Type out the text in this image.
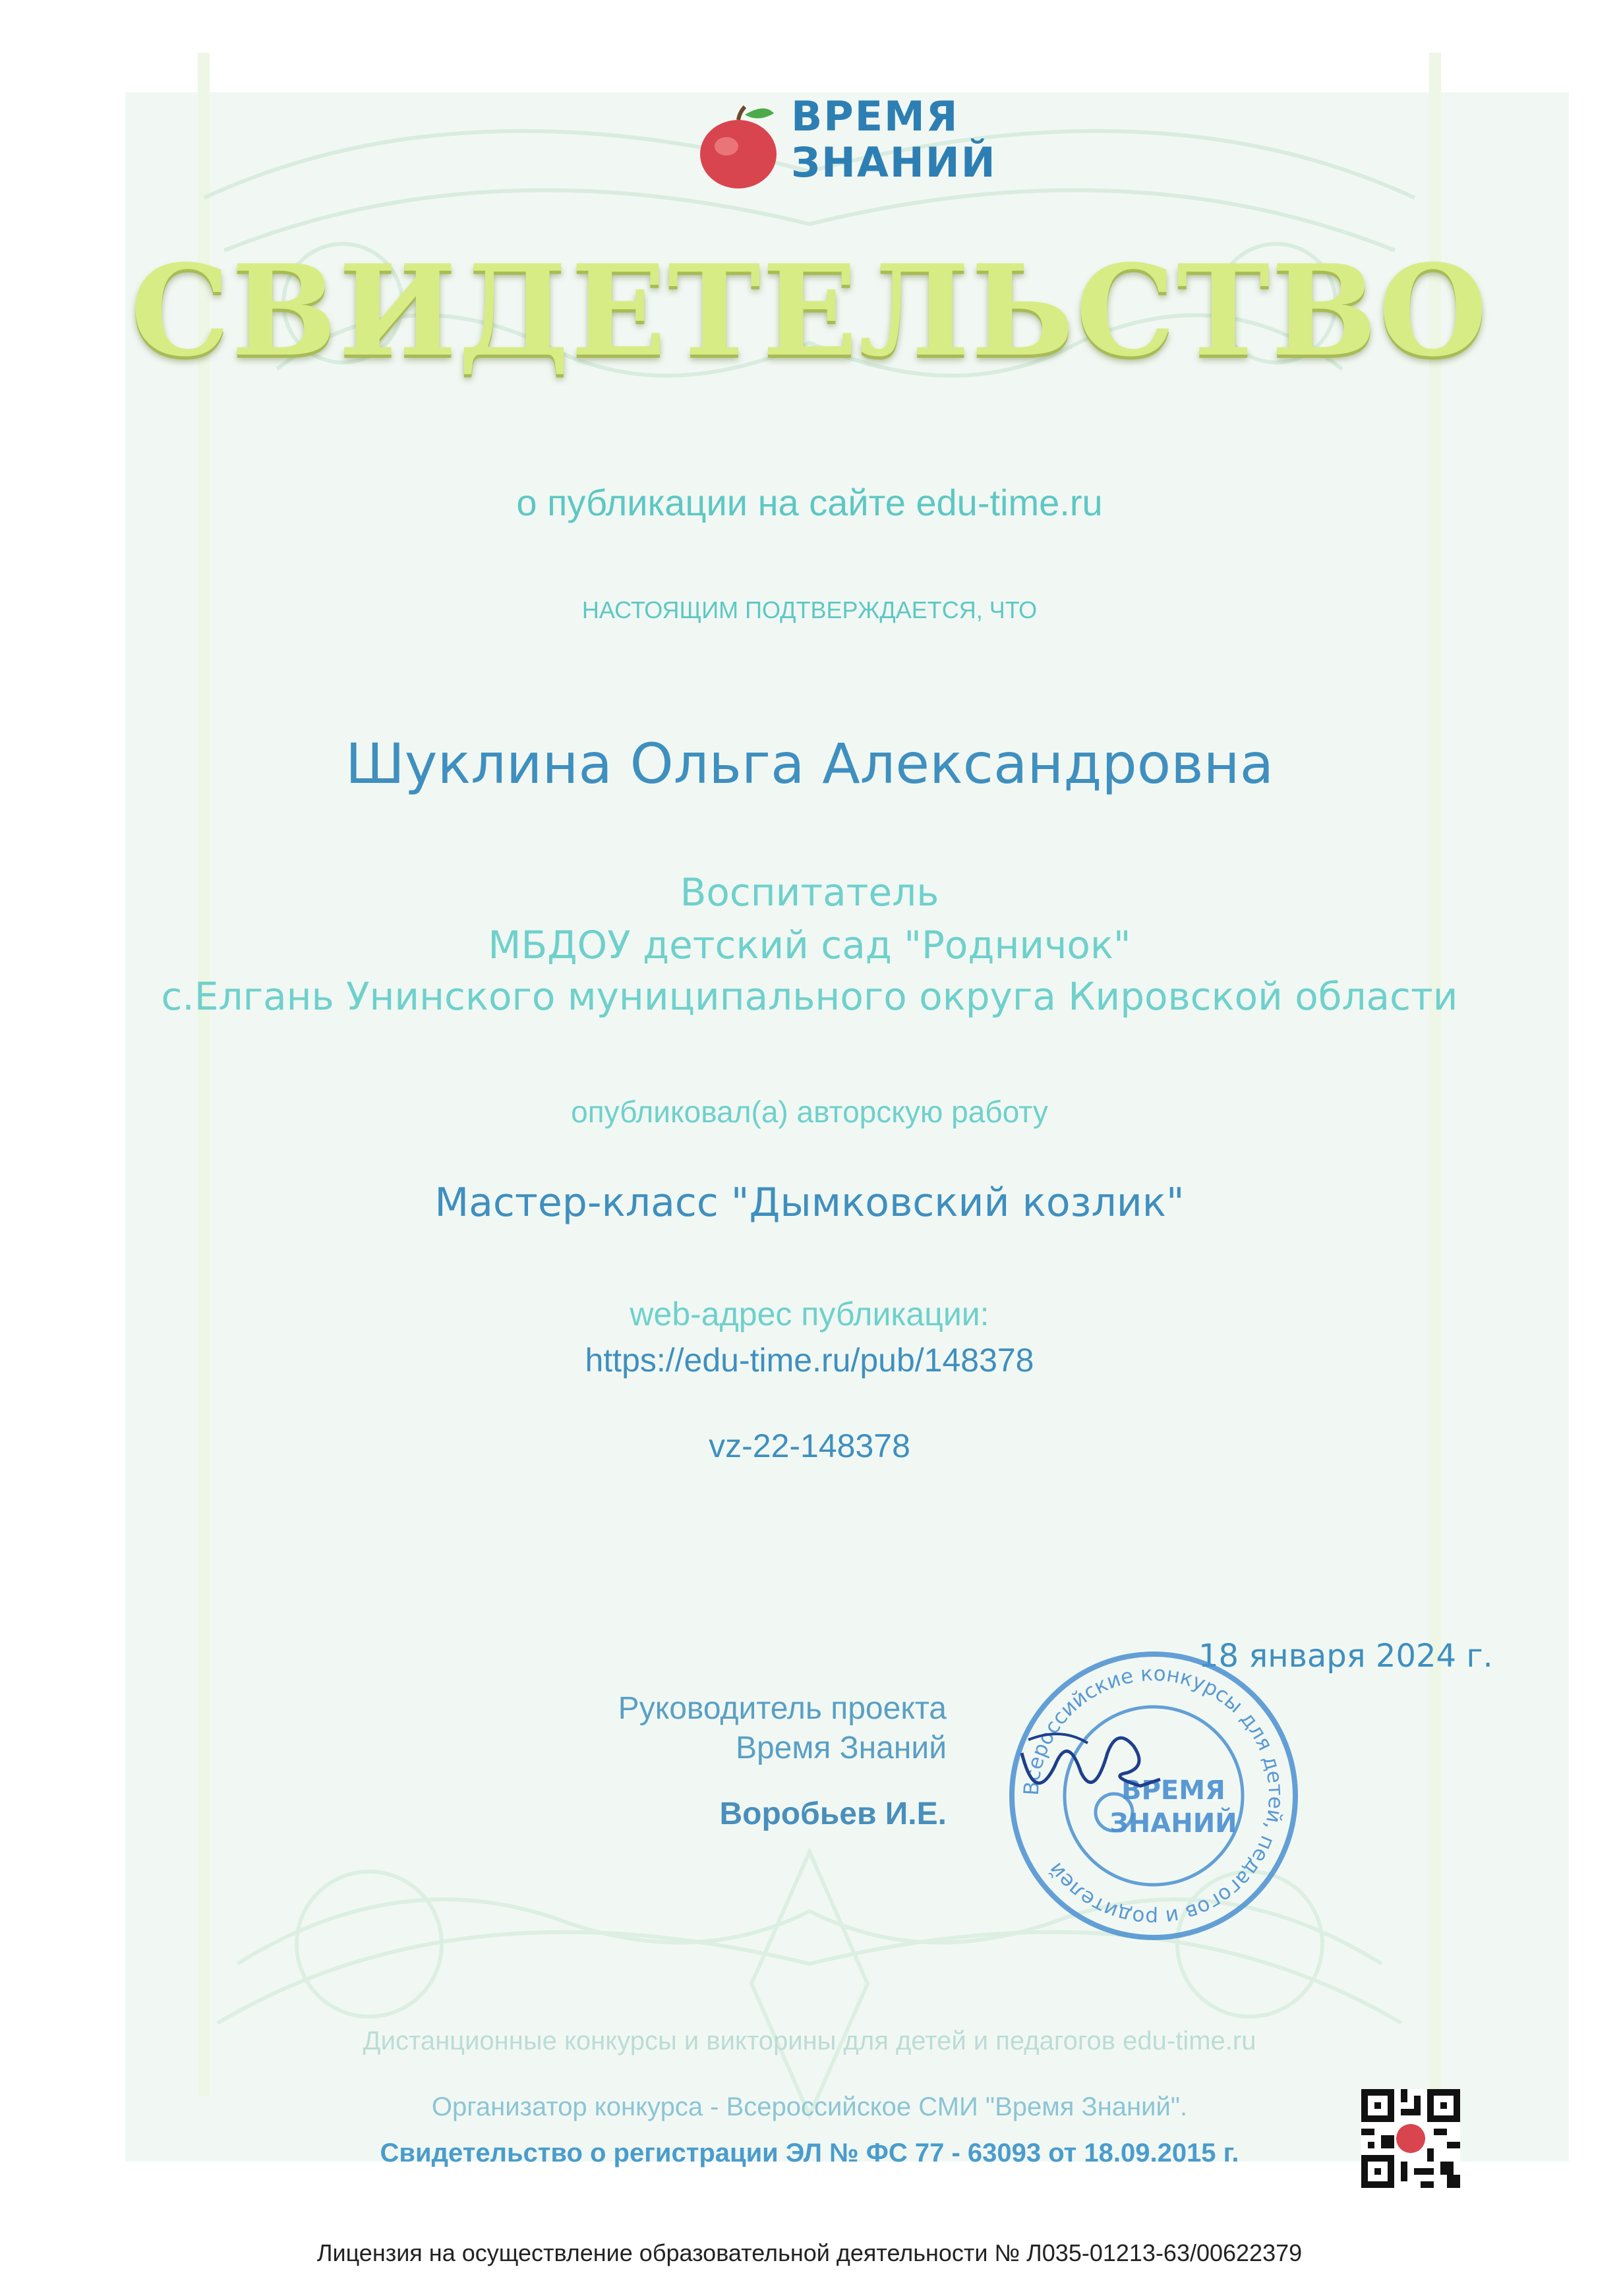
ВРЕМЯ
ЗНАНИЙ
СВИДЕТЕЛЬСТВО
о публикации на сайте edu-time.ru
НАСТОЯЩИМ ПОДТВЕРЖДАЕТСЯ, ЧТО
Шуклина Ольга Александровна
Воспитатель
МБДОУ детский сад "Родничок"
с.Елгань Унинского муниципального округа Кировской области
опубликовал(а) авторскую работу
Мастер-класс "Дымковский козлик"
web-адрес публикации:
https://edu-time.ru/pub/148378
vz-22-148378
18 января 2024 г.
Руководитель проекта
Время Знаний
Воробьев И.Е.
Всероссийские конкурсы для детей, педагогов и родителей
ВРЕМЯ
ЗНАНИЙ
Дистанционные конкурсы и викторины для детей и педагогов edu-time.ru
Организатор конкурса - Всероссийское СМИ "Время Знаний".
Свидетельство о регистрации ЭЛ № ФС 77 - 63093 от 18.09.2015 г.
Лицензия на осуществление образовательной деятельности № Л035-01213-63/00622379
